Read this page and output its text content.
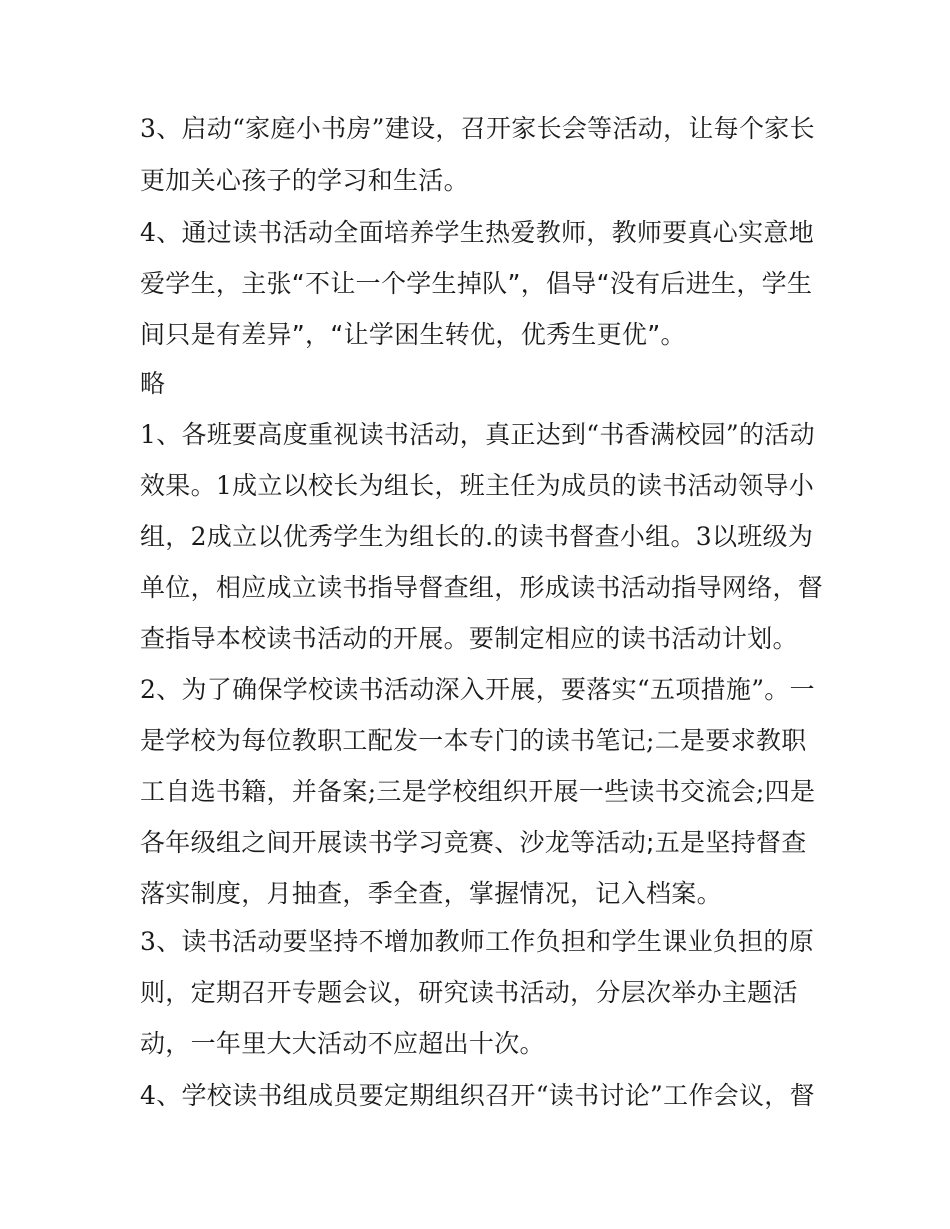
3、启动“家庭小书房”建设，召开家长会等活动，让每个家长
更加关心孩子的学习和生活。
4、通过读书活动全面培养学生热爱教师，教师要真心实意地
爱学生，主张“不让一个学生掉队”，倡导“没有后进生，学生
间只是有差异”，“让学困生转优，优秀生更优”。
略
1、各班要高度重视读书活动，真正达到“书香满校园”的活动
效果。1成立以校长为组长，班主任为成员的读书活动领导小
组，2成立以优秀学生为组长的.的读书督查小组。3以班级为
单位，相应成立读书指导督查组，形成读书活动指导网络，督
查指导本校读书活动的开展。要制定相应的读书活动计划。
2、为了确保学校读书活动深入开展，要落实“五项措施”。一
是学校为每位教职工配发一本专门的读书笔记;二是要求教职
工自选书籍，并备案;三是学校组织开展一些读书交流会;四是
各年级组之间开展读书学习竞赛、沙龙等活动;五是坚持督查
落实制度，月抽查，季全查，掌握情况，记入档案。
3、读书活动要坚持不增加教师工作负担和学生课业负担的原
则，定期召开专题会议，研究读书活动，分层次举办主题活
动，一年里大大活动不应超出十次。
4、学校读书组成员要定期组织召开“读书讨论”工作会议，督
